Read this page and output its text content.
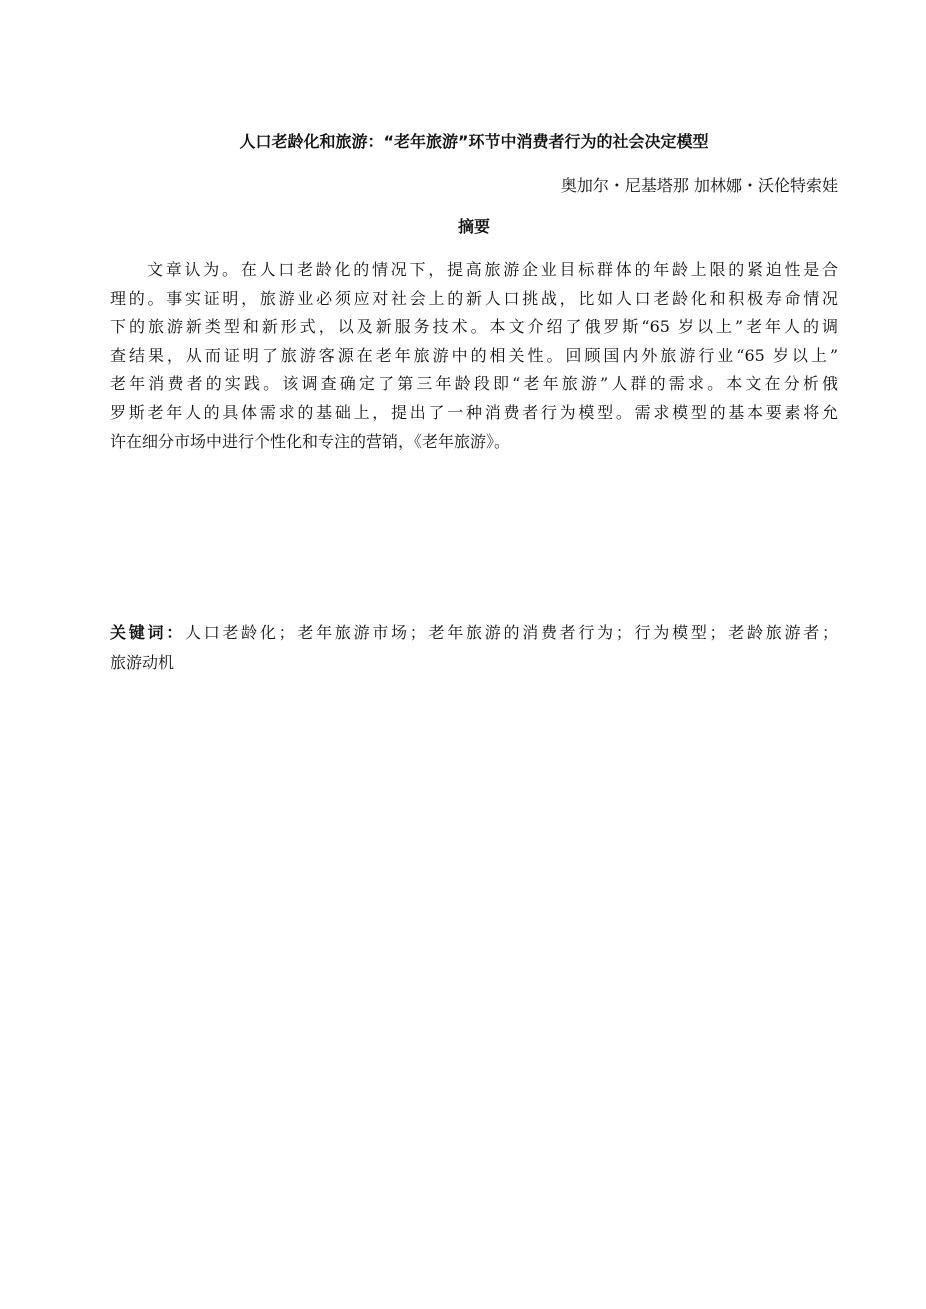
人口老龄化和旅游：“老年旅游”环节中消费者行为的社会决定模型
奥加尔・尼基塔那 加林娜・沃伦特索娃
摘要
文章认为。在人口老龄化的情况下，提高旅游企业目标群体的年龄上限的紧迫性是合
理的。事实证明，旅游业必须应对社会上的新人口挑战，比如人口老龄化和积极寿命情况
下的旅游新类型和新形式，以及新服务技术。本文介绍了俄罗斯“65 岁以上”老年人的调
查结果，从而证明了旅游客源在老年旅游中的相关性。回顾国内外旅游行业“65 岁以上”
老年消费者的实践。该调查确定了第三年龄段即“老年旅游”人群的需求。本文在分析俄
罗斯老年人的具体需求的基础上，提出了一种消费者行为模型。需求模型的基本要素将允
许在细分市场中进行个性化和专注的营销，《老年旅游》。
关键词：人口老龄化；老年旅游市场；老年旅游的消费者行为；行为模型；老龄旅游者；
旅游动机
